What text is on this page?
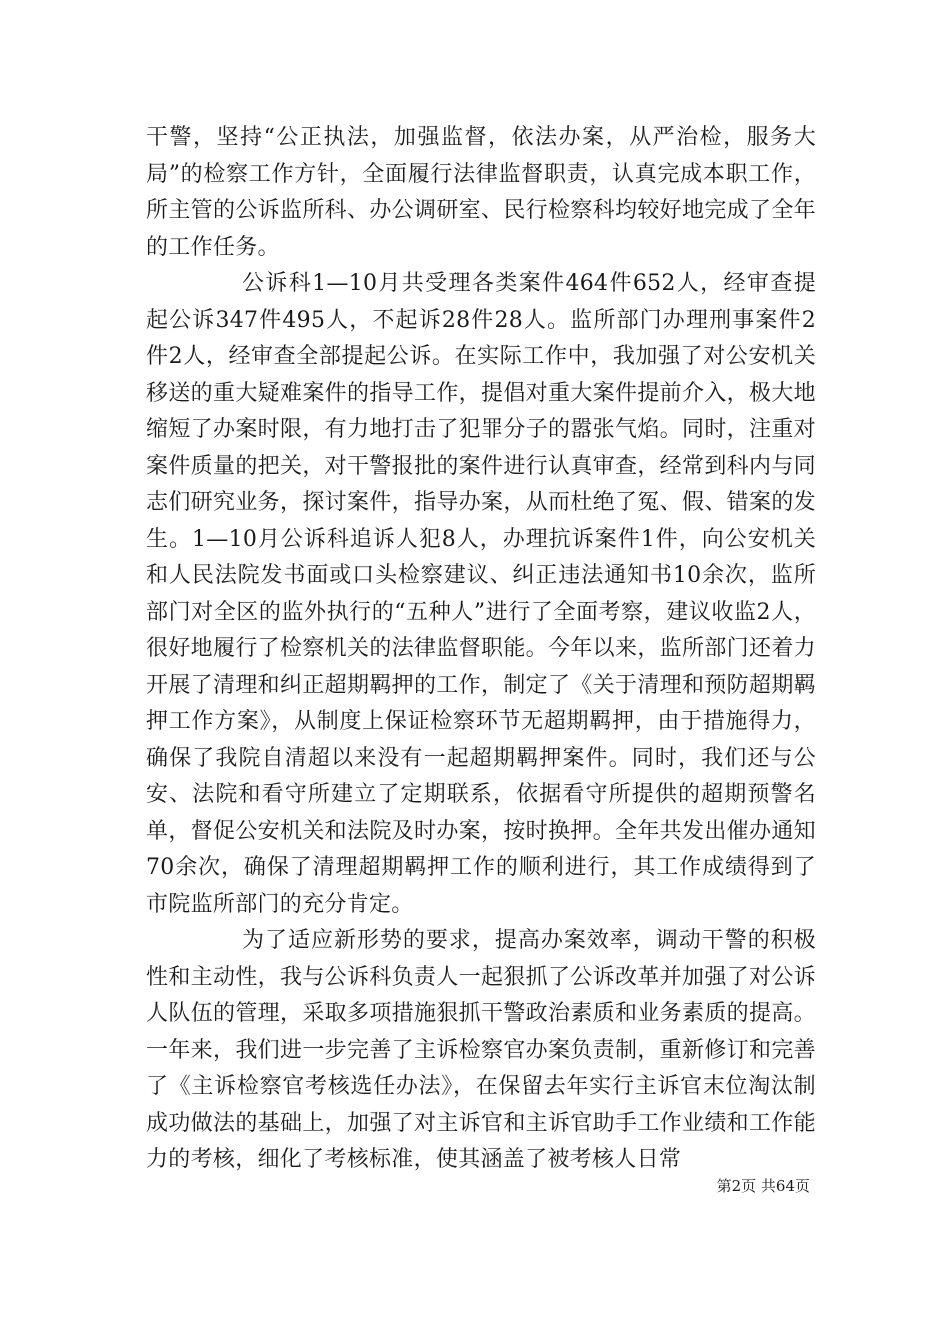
干警，坚持“公正执法，加强监督，依法办案，从严治检，服务大局”的检察工作方针，全面履行法律监督职责，认真完成本职工作，所主管的公诉监所科、办公调研室、民行检察科均较好地完成了全年的工作任务。

公诉科1—10月共受理各类案件464件652人，经审查提起公诉347件495人，不起诉28件28人。监所部门办理刑事案件2件2人，经审查全部提起公诉。在实际工作中，我加强了对公安机关移送的重大疑难案件的指导工作，提倡对重大案件提前介入，极大地缩短了办案时限，有力地打击了犯罪分子的嚣张气焰。同时，注重对案件质量的把关，对干警报批的案件进行认真审查，经常到科内与同志们研究业务，探讨案件，指导办案，从而杜绝了冤、假、错案的发生。1—10月公诉科追诉人犯8人，办理抗诉案件1件，向公安机关和人民法院发书面或口头检察建议、纠正违法通知书10余次，监所部门对全区的监外执行的“五种人”进行了全面考察，建议收监2人，很好地履行了检察机关的法律监督职能。今年以来，监所部门还着力开展了清理和纠正超期羁押的工作，制定了《关于清理和预防超期羁押工作方案》，从制度上保证检察环节无超期羁押，由于措施得力，确保了我院自清超以来没有一起超期羁押案件。同时，我们还与公安、法院和看守所建立了定期联系，依据看守所提供的超期预警名单，督促公安机关和法院及时办案，按时换押。全年共发出催办通知70余次，确保了清理超期羁押工作的顺利进行，其工作成绩得到了市院监所部门的充分肯定。

为了适应新形势的要求，提高办案效率，调动干警的积极性和主动性，我与公诉科负责人一起狠抓了公诉改革并加强了对公诉人队伍的管理，采取多项措施狠抓干警政治素质和业务素质的提高。一年来，我们进一步完善了主诉检察官办案负责制，重新修订和完善了《主诉检察官考核选任办法》，在保留去年实行主诉官末位淘汰制成功做法的基础上，加强了对主诉官和主诉官助手工作业绩和工作能力的考核，细化了考核标准，使其涵盖了被考核人日常

第2页 共64页
